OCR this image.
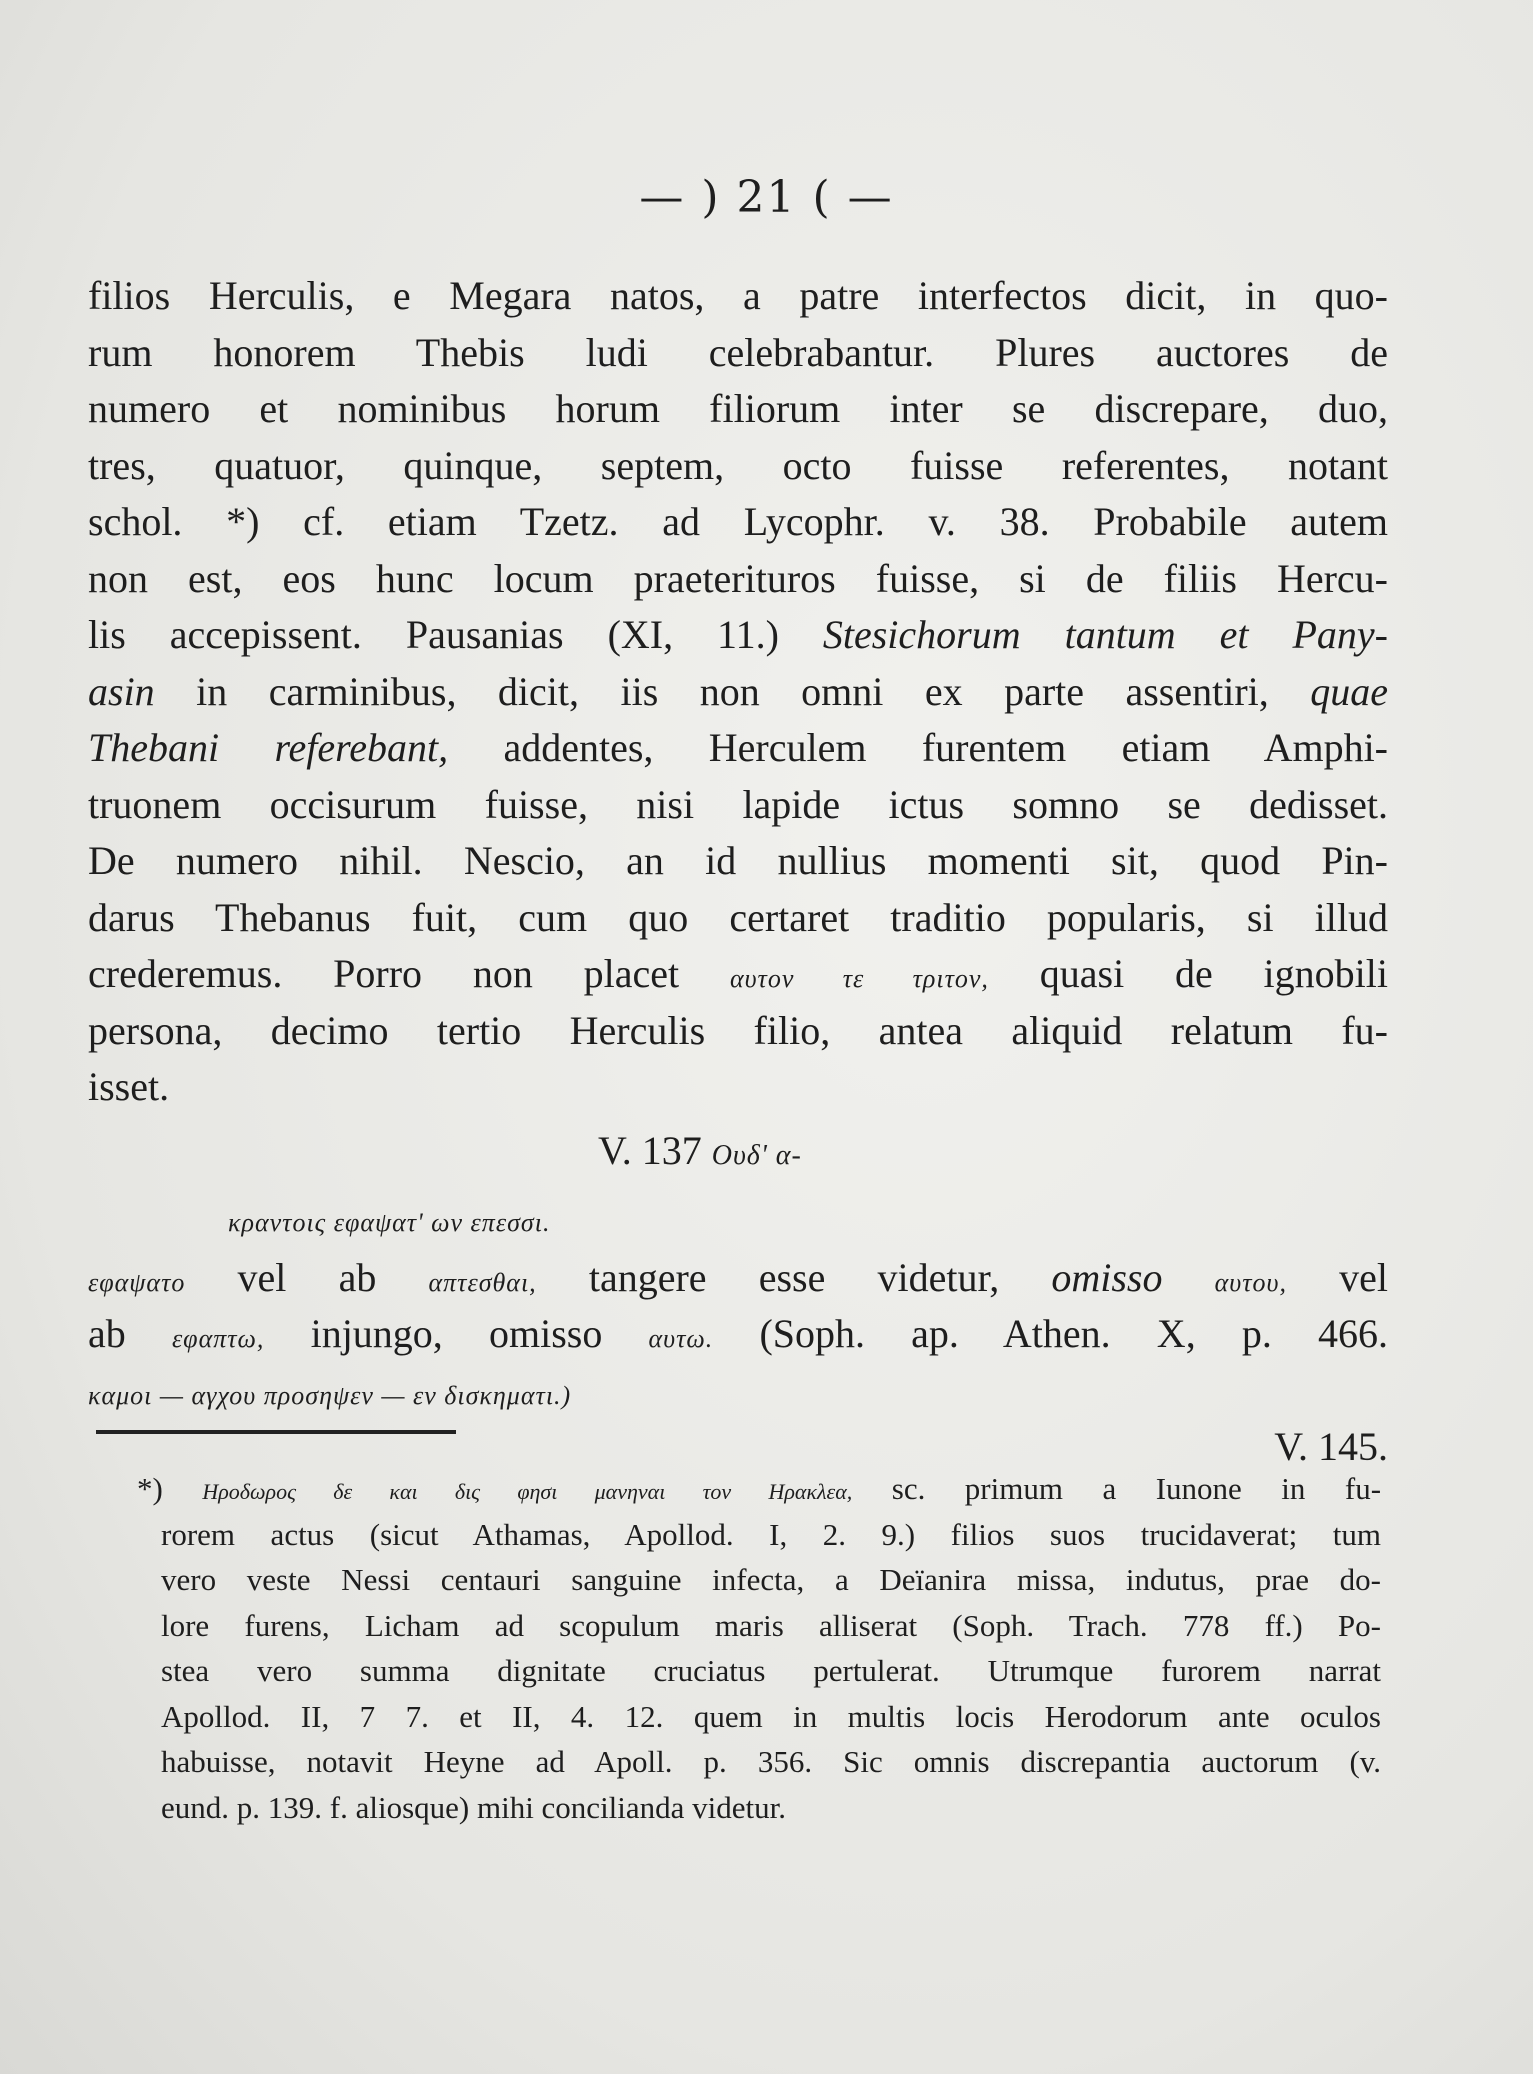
— ) 21 ( —
filios Herculis, e Megara natos, a patre interfectos dicit, in quo-
rum honorem Thebis ludi celebrabantur. Plures auctores de
numero et nominibus horum filiorum inter se discrepare, duo,
tres, quatuor, quinque, septem, octo fuisse referentes, notant
schol. *) cf. etiam Tzetz. ad Lycophr. v. 38. Probabile autem
non est, eos hunc locum praeterituros fuisse, si de filiis Hercu-
lis accepissent. Pausanias (XI, 11.) Stesichorum tantum et Pany-
asin in carminibus, dicit, iis non omni ex parte assentiri, quae
Thebani referebant, addentes, Herculem furentem etiam Amphi-
truonem occisurum fuisse, nisi lapide ictus somno se dedisset.
De numero nihil. Nescio, an id nullius momenti sit, quod Pin-
darus Thebanus fuit, cum quo certaret traditio popularis, si illud
crederemus. Porro non placet αυτον τε τριτον, quasi de ignobili
persona, decimo tertio Herculis filio, antea aliquid relatum fu-
isset.
V. 137 Ουδ' α-
κραντοις εφαψατ' ων επεσσι.
εφαψατο vel ab απτεσθαι, tangere esse videtur, omisso αυτου, vel
ab εφαπτω, injungo, omisso αυτω. (Soph. ap. Athen. X, p. 466.
καμοι — αγχου προσηψεν — εν δισκηματι.)
V. 145.
*) Ηροδωρος δε και δις φησι μανηναι τον Ηρακλεα, sc. primum a Iunone in fu-
rorem actus (sicut Athamas, Apollod. I, 2. 9.) filios suos trucidaverat; tum
vero veste Nessi centauri sanguine infecta, a Deïanira missa, indutus, prae do-
lore furens, Licham ad scopulum maris alliserat (Soph. Trach. 778 ff.) Po-
stea vero summa dignitate cruciatus pertulerat. Utrumque furorem narrat
Apollod. II, 7 7. et II, 4. 12. quem in multis locis Herodorum ante oculos
habuisse, notavit Heyne ad Apoll. p. 356. Sic omnis discrepantia auctorum (v.
eund. p. 139. f. aliosque) mihi conciliandа videtur.
